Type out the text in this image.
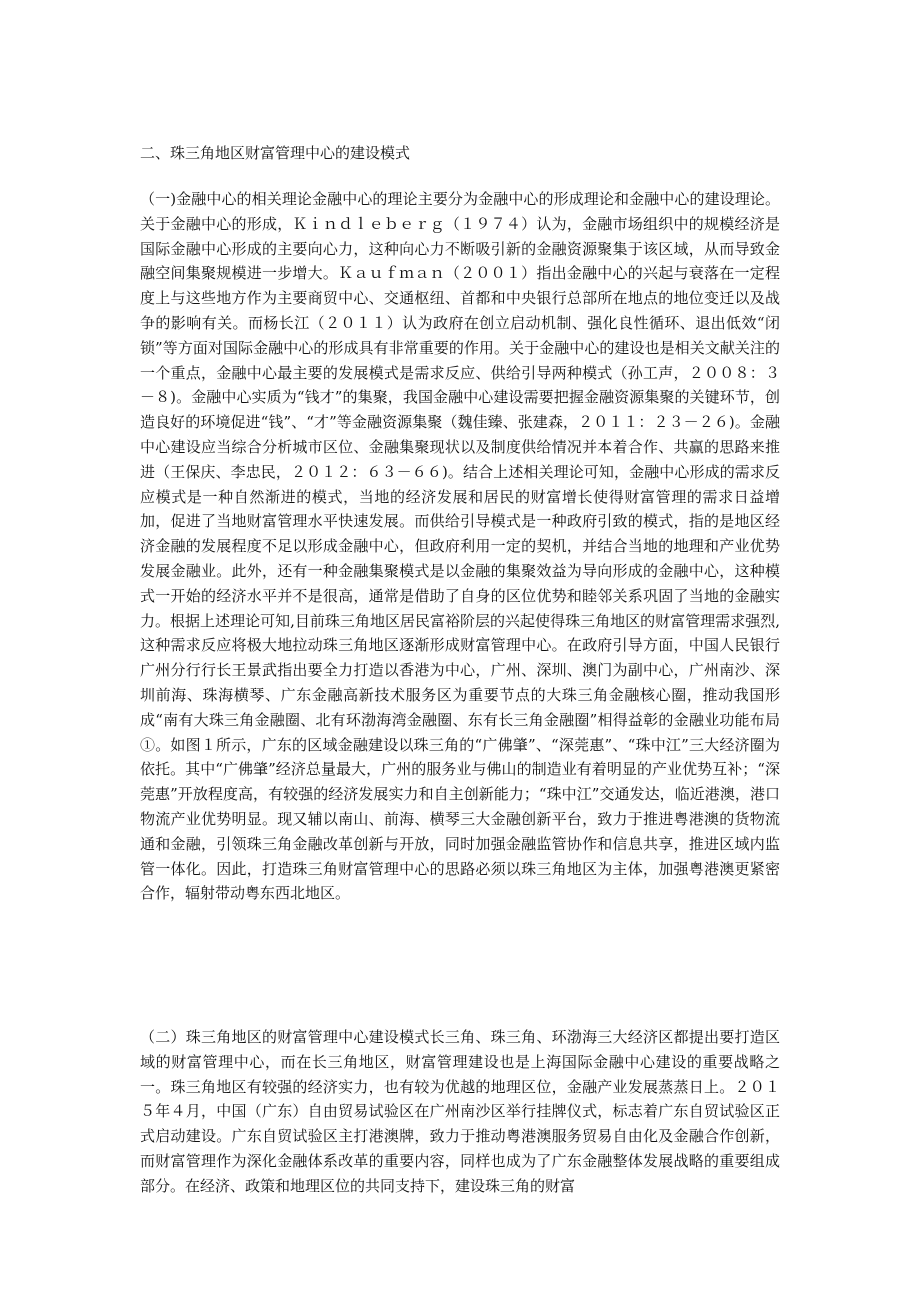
二、珠三角地区财富管理中心的建设模式

（一)金融中心的相关理论金融中心的理论主要分为金融中心的形成理论和金融中心的建设理论。关于金融中心的形成，Ｋｉｎｄｌｅｂｅｒｇ（１９７４）认为，金融市场组织中的规模经济是国际金融中心形成的主要向心力，这种向心力不断吸引新的金融资源聚集于该区域，从而导致金融空间集聚规模进一步增大。Ｋａｕｆｍａｎ（２００１）指出金融中心的兴起与衰落在一定程度上与这些地方作为主要商贸中心、交通枢纽、首都和中央银行总部所在地点的地位变迁以及战争的影响有关。而杨长江（２０１１）认为政府在创立启动机制、强化良性循环、退出低效“闭锁”等方面对国际金融中心的形成具有非常重要的作用。关于金融中心的建设也是相关文献关注的一个重点，金融中心最主要的发展模式是需求反应、供给引导两种模式（孙工声，２００８：３－８)。金融中心实质为“钱才”的集聚，我国金融中心建设需要把握金融资源集聚的关键环节，创造良好的环境促进“钱”、“才”等金融资源集聚（魏佳臻、张建森，２０１１：２３－２６)。金融中心建设应当综合分析城市区位、金融集聚现状以及制度供给情况并本着合作、共赢的思路来推进（王保庆、李忠民，２０１２：６３－６６)。结合上述相关理论可知，金融中心形成的需求反应模式是一种自然渐进的模式，当地的经济发展和居民的财富增长使得财富管理的需求日益增加，促进了当地财富管理水平快速发展。而供给引导模式是一种政府引致的模式，指的是地区经济金融的发展程度不足以形成金融中心，但政府利用一定的契机，并结合当地的地理和产业优势发展金融业。此外，还有一种金融集聚模式是以金融的集聚效益为导向形成的金融中心，这种模式一开始的经济水平并不是很高，通常是借助了自身的区位优势和睦邻关系巩固了当地的金融实力。根据上述理论可知,目前珠三角地区居民富裕阶层的兴起使得珠三角地区的财富管理需求强烈,这种需求反应将极大地拉动珠三角地区逐渐形成财富管理中心。在政府引导方面，中国人民银行广州分行行长王景武指出要全力打造以香港为中心，广州、深圳、澳门为副中心，广州南沙、深圳前海、珠海横琴、广东金融高新技术服务区为重要节点的大珠三角金融核心圈，推动我国形成“南有大珠三角金融圈、北有环渤海湾金融圈、东有长三角金融圈”相得益彰的金融业功能布局①。如图１所示，广东的区域金融建设以珠三角的“广佛肇”、“深莞惠”、“珠中江”三大经济圈为依托。其中“广佛肇”经济总量最大，广州的服务业与佛山的制造业有着明显的产业优势互补；“深莞惠”开放程度高，有较强的经济发展实力和自主创新能力；“珠中江”交通发达，临近港澳，港口物流产业优势明显。现又辅以南山、前海、横琴三大金融创新平台，致力于推进粤港澳的货物流通和金融，引领珠三角金融改革创新与开放，同时加强金融监管协作和信息共享，推进区域内监管一体化。因此，打造珠三角财富管理中心的思路必须以珠三角地区为主体，加强粤港澳更紧密合作，辐射带动粤东西北地区。

（二）珠三角地区的财富管理中心建设模式长三角、珠三角、环渤海三大经济区都提出要打造区域的财富管理中心，而在长三角地区，财富管理建设也是上海国际金融中心建设的重要战略之一。珠三角地区有较强的经济实力，也有较为优越的地理区位，金融产业发展蒸蒸日上。２０１５年４月，中国（广东）自由贸易试验区在广州南沙区举行挂牌仪式，标志着广东自贸试验区正式启动建设。广东自贸试验区主打港澳牌，致力于推动粤港澳服务贸易自由化及金融合作创新，而财富管理作为深化金融体系改革的重要内容，同样也成为了广东金融整体发展战略的重要组成部分。在经济、政策和地理区位的共同支持下，建设珠三角的财富
